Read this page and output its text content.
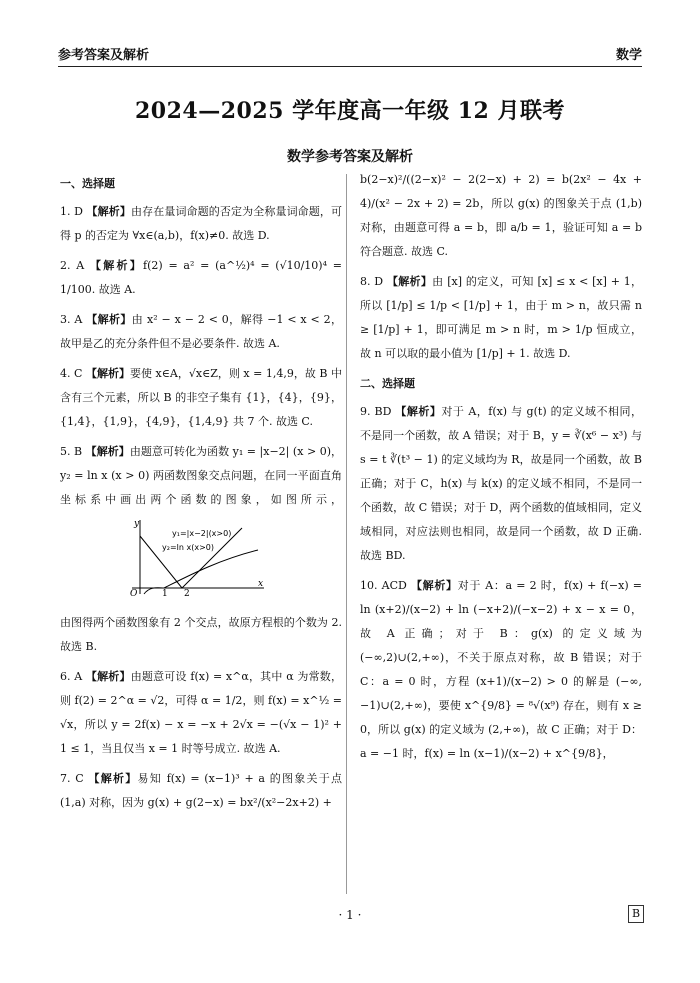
参考答案及解析	数学
2024—2025 学年度高一年级 12 月联考
数学参考答案及解析
一、选择题
1. D 【解析】由存在量词命题的否定为全称量词命题，可得 p 的否定为 ∀x∈(a,b)，f(x)≠0. 故选 D.
2. A 【解析】f(2) = a² = (a^½)⁴ = (√10/10)⁴ = 1/100. 故选 A.
3. A 【解析】由 x² − x − 2 < 0，解得 −1 < x < 2，故甲是乙的充分条件但不是必要条件. 故选 A.
4. C 【解析】要使 x∈A，√x∈Z，则 x = 1,4,9，故 B 中含有三个元素，所以 B 的非空子集有 {1}，{4}，{9}，{1,4}，{1,9}，{4,9}，{1,4,9} 共 7 个. 故选 C.
5. B 【解析】由题意可转化为函数 y₁ = |x−2| (x > 0)，y₂ = ln x (x > 0) 两函数图象交点问题，在同一平面直角坐标系中画出两个函数的图象，如图所示，
y₁=|x−2|(x>0)
y₂=ln x(x>0)
O	1 2
x
y

由图得两个函数图象有 2 个交点，故原方程根的个数为 2. 故选 B.

6. A 【解析】由题意可设 f(x) = x^α，其中 α 为常数，则 f(2) = 2^α = √2，可得 α = 1/2，则 f(x) = x^½ = √x，所以 y = 2f(x) − x = −x + 2√x = −(√x − 1)² + 1 ≤ 1，当且仅当 x = 1 时等号成立. 故选 A.
7. C 【解析】易知 f(x) = (x−1)³ + a 的图象关于点 (1,a) 对称，因为 g(x) + g(2−x) = bx²/(x²−2x+2) +
b(2−x)²/((2−x)² − 2(2−x) + 2) = b(2x² − 4x + 4)/(x² − 2x + 2) = 2b，所以 g(x) 的图象关于点 (1,b) 对称，由题意可得 a = b，即 a/b = 1，验证可知 a = b 符合题意. 故选 C.
8. D 【解析】由 [x] 的定义，可知 [x] ≤ x < [x] + 1，所以 [1/p] ≤ 1/p < [1/p] + 1，由于 m > n，故只需 n ≥ [1/p] + 1，即可满足 m > n 时，m > 1/p 恒成立，故 n 可以取的最小值为 [1/p] + 1. 故选 D.
二、选择题
9. BD 【解析】对于 A，f(x) 与 g(t) 的定义域不相同，不是同一个函数，故 A 错误；对于 B，y = ∛(x⁶ − x³) 与 s = t ∛(t³ − 1) 的定义域均为 R，故是同一个函数，故 B 正确；对于 C，h(x) 与 k(x) 的定义域不相同，不是同一个函数，故 C 错误；对于 D，两个函数的值域相同，定义域相同，对应法则也相同，故是同一个函数，故 D 正确. 故选 BD.
10. ACD 【解析】对于 A：a = 2 时，f(x) + f(−x) = ln (x+2)/(x−2) + ln (−x+2)/(−x−2) + x − x = 0，故 A 正确；对于 B：g(x) 的定义域为 (−∞,2)∪(2,+∞)，不关于原点对称，故 B 错误；对于 C：a = 0 时，方程 (x+1)/(x−2) > 0 的解是 (−∞,−1)∪(2,+∞)，要使 x^{9/8} = ⁸√(x⁹) 存在，则有 x ≥ 0，所以 g(x) 的定义域为 (2,+∞)，故 C 正确；对于 D：a = −1 时，f(x) = ln (x−1)/(x−2) + x^{9/8}，
· 1 ·	B
